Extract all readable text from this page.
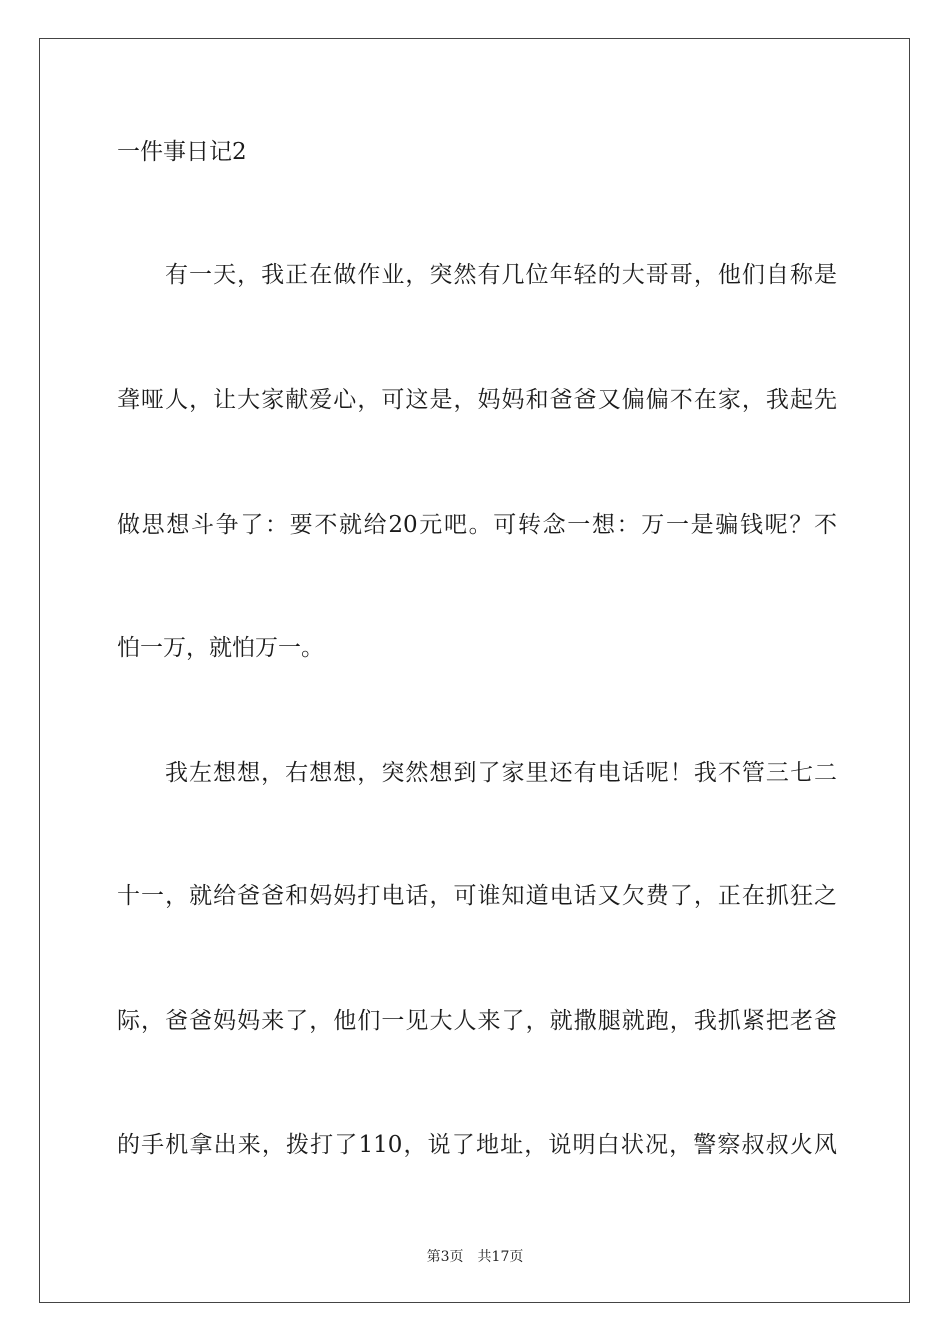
一件事日记2
有一天，我正在做作业，突然有几位年轻的大哥哥，他们自称是
聋哑人，让大家献爱心，可这是，妈妈和爸爸又偏偏不在家，我起先
做思想斗争了：要不就给20元吧。可转念一想：万一是骗钱呢？不
怕一万，就怕万一。
我左想想，右想想，突然想到了家里还有电话呢！我不管三七二
十一，就给爸爸和妈妈打电话，可谁知道电话又欠费了，正在抓狂之
际，爸爸妈妈来了，他们一见大人来了，就撒腿就跑，我抓紧把老爸
的手机拿出来，拨打了110，说了地址，说明白状况，警察叔叔火风
第3页 共17页
